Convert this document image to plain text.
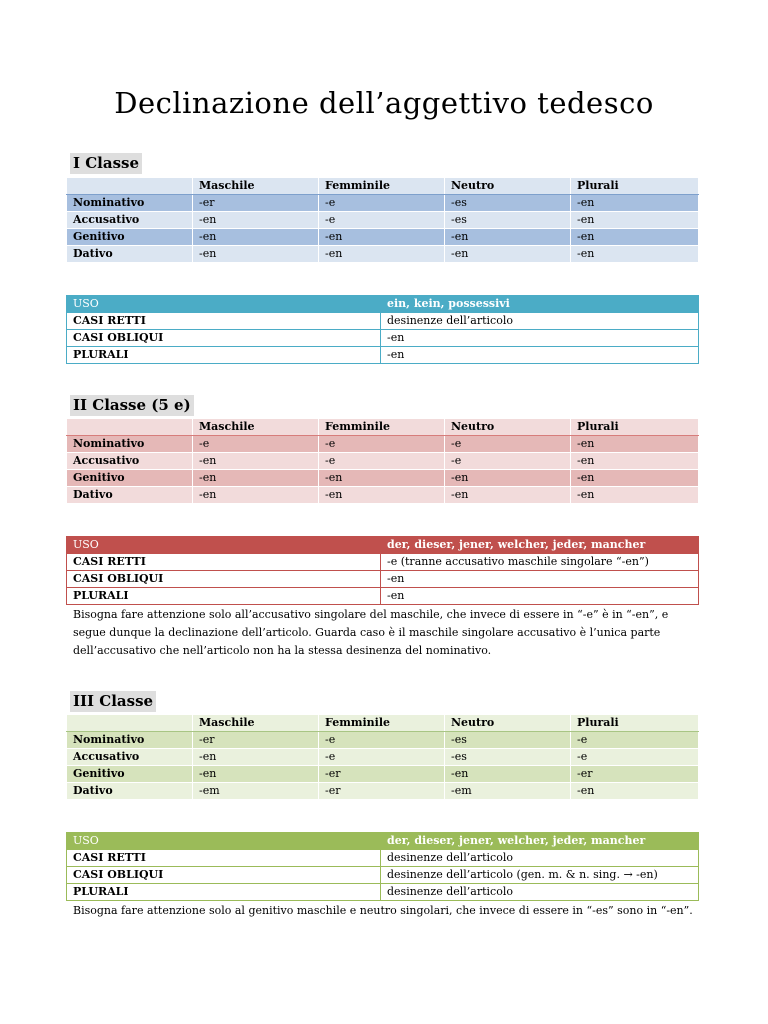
Declinazione dell’aggettivo tedesco
I Classe
	Maschile	Femminile	Neutro	Plurali
Nominativo	-er	-e	-es	-en
Accusativo	-en	-e	-es	-en
Genitivo	-en	-en	-en	-en
Dativo	-en	-en	-en	-en
USO	ein, kein, possessivi
CASI RETTI	desinenze dell’articolo
CASI OBLIQUI	-en
PLURALI	-en
II Classe (5 e)
	Maschile	Femminile	Neutro	Plurali
Nominativo	-e	-e	-e	-en
Accusativo	-en	-e	-e	-en
Genitivo	-en	-en	-en	-en
Dativo	-en	-en	-en	-en
USO	der, dieser, jener, welcher, jeder, mancher
CASI RETTI	-e (tranne accusativo maschile singolare “-en”)
CASI OBLIQUI	-en
PLURALI	-en
Bisogna fare attenzione solo all’accusativo singolare del maschile, che invece di essere in “-e” è in “-en”, e segue dunque la declinazione dell’articolo. Guarda caso è il maschile singolare accusativo è l’unica parte dell’accusativo che nell’articolo non ha la stessa desinenza del nominativo.
III Classe
	Maschile	Femminile	Neutro	Plurali
Nominativo	-er	-e	-es	-e
Accusativo	-en	-e	-es	-e
Genitivo	-en	-er	-en	-er
Dativo	-em	-er	-em	-en
USO	der, dieser, jener, welcher, jeder, mancher
CASI RETTI	desinenze dell’articolo
CASI OBLIQUI	desinenze dell’articolo (gen. m. & n. sing. → -en)
PLURALI	desinenze dell’articolo
Bisogna fare attenzione solo al genitivo maschile e neutro singolari, che invece di essere in “-es” sono in “-en”.
